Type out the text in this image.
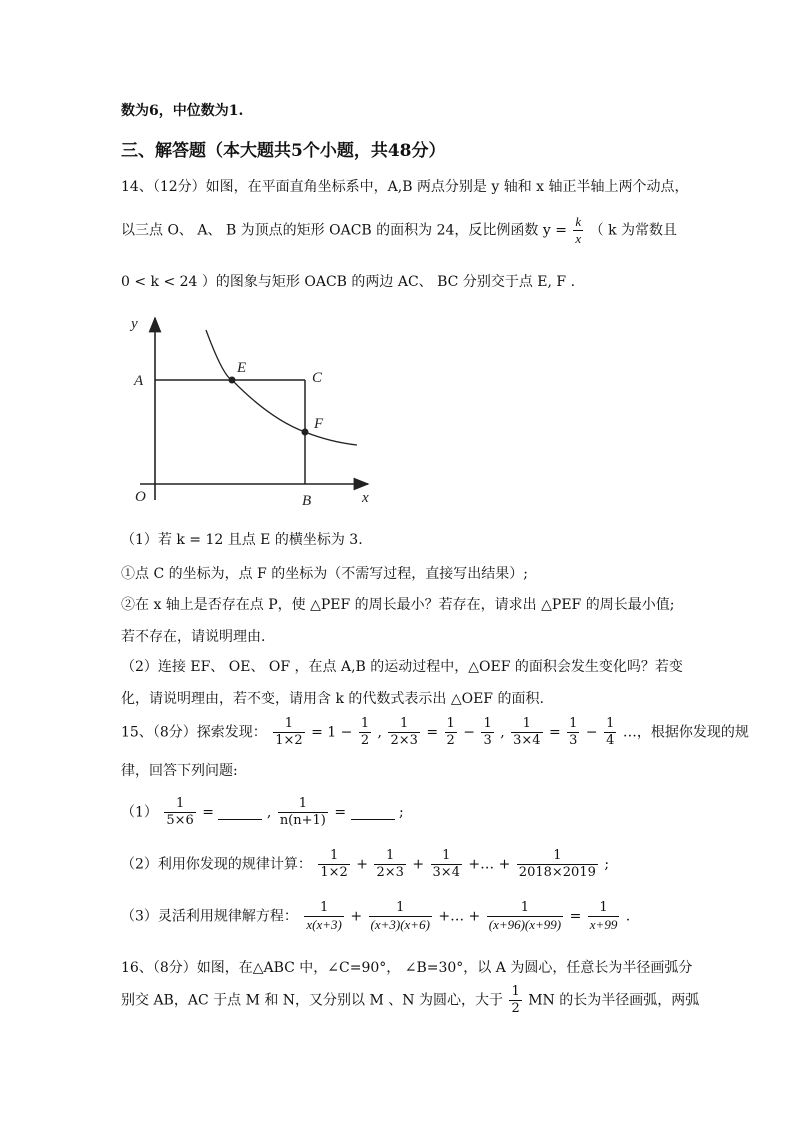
数为6，中位数为1.
三、解答题（本大题共5个小题，共48分）
14、（12分）如图，在平面直角坐标系中，A,B 两点分别是 y 轴和 x 轴正半轴上两个动点，
以三点 O、 A、 B 为顶点的矩形 OACB 的面积为 24，反比例函数 $y = \frac{k}{x}$ （ k 为常数且
0 < k < 24 ）的图象与矩形 OACB 的两边 AC、 BC 分别交于点 E, F .
y
A
E
C
F
O	B	x
（1）若 k = 12 且点 E 的横坐标为 3.
①点 C 的坐标为，点 F 的坐标为（不需写过程，直接写出结果）;
②在 x 轴上是否存在点 P，使 △PEF 的周长最小？若存在，请求出 △PEF 的周长最小值;
若不存在，请说明理由.
（2）连接 EF、 OE、 OF ，在点 A,B 的运动过程中，△OEF 的面积会发生变化吗？若变
化，请说明理由，若不变，请用含 k 的代数式表示出 △OEF 的面积.
15、（8分）探索发现： $\frac{1}{1\times 2} = 1 - \frac{1}{2}$ , $\frac{1}{2\times 3} = \frac{1}{2} - \frac{1}{3}$ , $\frac{1}{3\times 4} = \frac{1}{3} - \frac{1}{4}$ …，根据你发现的规
律，回答下列问题:
$(1) \frac{1}{5\times 6}$ =	, $\frac{1}{n(n+1)}$ =	;
（2）利用你发现的规律计算： $\frac{1}{1\times 2} + \frac{1}{2\times 3} + \frac{1}{3\times 4}$ +… + $\frac{1}{2018\times 2019}$ ;
（3）灵活利用规律解方程： $\frac{1}{x(x+3)} + \frac{1}{(x+3)(x+6)}$ +… + $\frac{1}{(x+96)(x+99)} = \frac{1}{x+99}$ .
16、（8分）如图，在△ABC 中，∠C=90°， ∠B=30°，以 A 为圆心，任意长为半径画弧分
别交 AB，AC 于点 M 和 N，又分别以 M 、N 为圆心，大于 $\frac{1}{2}$ MN 的长为半径画弧，两弧
